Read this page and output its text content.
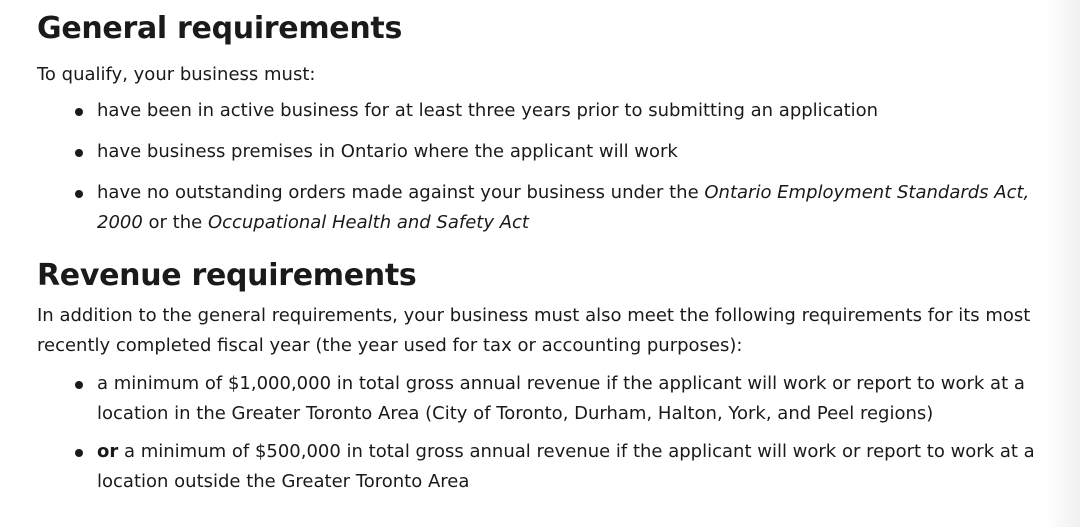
General requirements

To qualify, your business must:

have been in active business for at least three years prior to submitting an application
have business premises in Ontario where the applicant will work
have no outstanding orders made against your business under the Ontario Employment Standards Act, 2000 or the Occupational Health and Safety Act
Revenue requirements

In addition to the general requirements, your business must also meet the following requirements for its most recently completed fiscal year (the year used for tax or accounting purposes):

a minimum of $1,000,000 in total gross annual revenue if the applicant will work or report to work at a location in the Greater Toronto Area (City of Toronto, Durham, Halton, York, and Peel regions)
or a minimum of $500,000 in total gross annual revenue if the applicant will work or report to work at a location outside the Greater Toronto Area
